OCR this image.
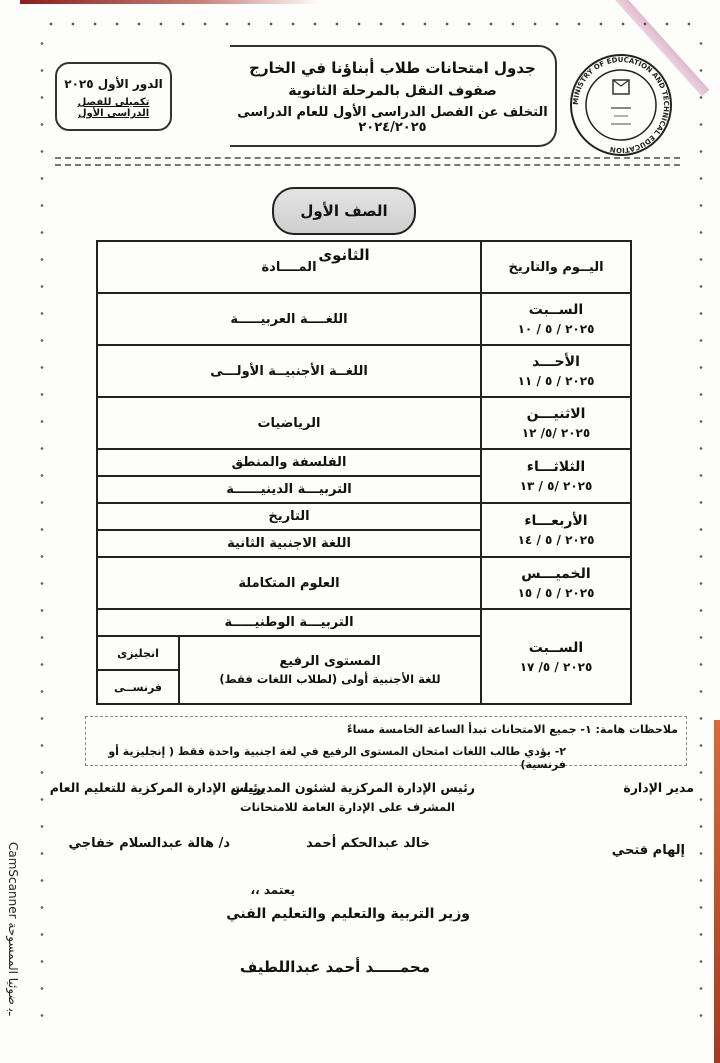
MINISTRY OF EDUCATION AND TECHNICAL EDUCATION
جدول امتحانات طلاب أبناؤنا في الخارج
صفوف النقل بالمرحلة الثانوية
التخلف عن الفصل الدراسى الأول للعام الدراسى ٢٠٢٤/٢٠٢٥
الدور الأول ٢٠٢٥
تكميلى للفصل الدراسى الأول
الصف الأول الثانوى
اليــوم والتاريخ	المــــادة	

الســبت
٢٠٢٥ / ٥ / ١٠	اللغــــة العربيـــــة	

الأحـــد
٢٠٢٥ / ٥ / ١١	اللغــة الأجنبيــة الأولـــى	

الاثنيـــن
٢٠٢٥ /٥/ ١٢	الرياضيات	

الثلاثـــاء
٢٠٢٥ /٥ / ١٣	الفلسفة والمنطق	
	التربيـــة الدينيــــــة	

الأربعـــاء
٢٠٢٥ / ٥ / ١٤	التاريخ	
	اللغة الاجنبية الثانية	

الخميـــس
٢٠٢٥ / ٥ / ١٥	العلوم المتكاملة	

الســبت
٢٠٢٥ / ٥/ ١٧	التربيـــة الوطنيـــــة	

	المستوى الرفيع
للغة الأجنبية أولى (لطلاب اللغات فقط)	انجليزى
		فرنســى
ملاحظات هامة: ١- جميع الامتحانات تبدأ الساعة الخامسة مساءً
٢- يؤدي طالب اللغات امتحان المستوى الرفيع في لغة اجنبية واحدة فقط ( إنجليزية أو فرنسية)
مدير الإدارة
رئيس الإدارة المركزية لشئون المديريات
المشرف على الإدارة العامة للامتحانات
رئيس الإدارة المركزية للتعليم العام
إلهام فتحي
خالد عبدالحكم أحمد
د/ هالة عبدالسلام خفاجي
يعتمد ،،
وزير التربية والتعليم والتعليم الفني
محمـــــد أحمد عبداللطيف
CamScanner ـﺑ ضوئيا الممسوحة
